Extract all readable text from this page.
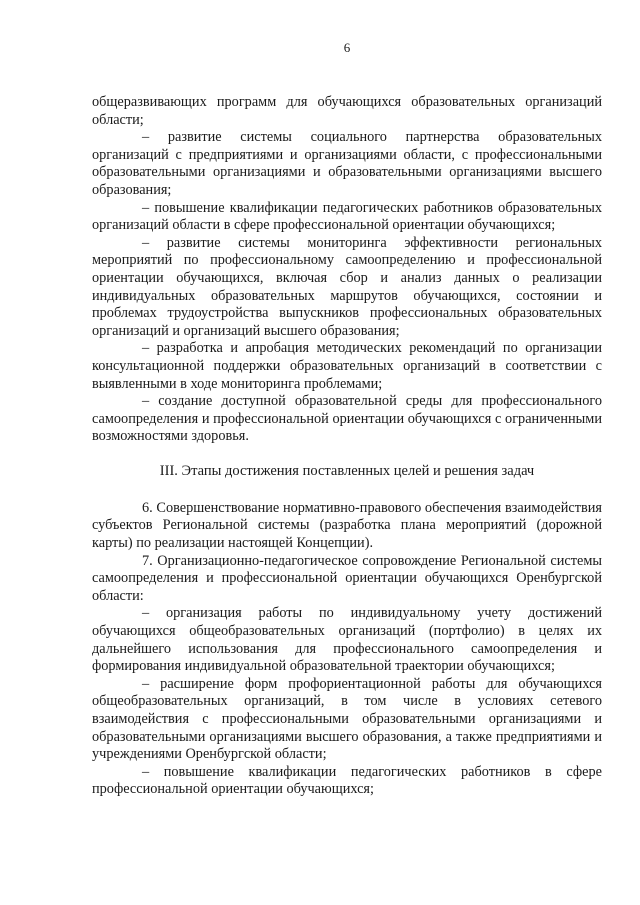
6

общеразвивающих программ для обучающихся образовательных организаций области;

– развитие системы социального партнерства образовательных организаций с предприятиями и организациями области, с профессиональными образовательными организациями и образовательными организациями высшего образования;

– повышение квалификации педагогических работников образовательных организаций области в сфере профессиональной ориентации обучающихся;

– развитие системы мониторинга эффективности региональных мероприятий по профессиональному самоопределению и профессиональной ориентации обучающихся, включая сбор и анализ данных о реализации индивидуальных образовательных маршрутов обучающихся, состоянии и проблемах трудоустройства выпускников профессиональных образовательных организаций и организаций высшего образования;

– разработка и апробация методических рекомендаций по организации консультационной поддержки образовательных организаций в соответствии с выявленными в ходе мониторинга проблемами;

– создание доступной образовательной среды для профессионального самоопределения и профессиональной ориентации обучающихся с ограниченными возможностями здоровья.

III. Этапы достижения поставленных целей и решения задач

6. Совершенствование нормативно-правового обеспечения взаимодействия субъектов Региональной системы (разработка плана мероприятий (дорожной карты) по реализации настоящей Концепции).

7. Организационно-педагогическое сопровождение Региональной системы самоопределения и профессиональной ориентации обучающихся Оренбургской области:

– организация работы по индивидуальному учету достижений обучающихся общеобразовательных организаций (портфолио) в целях их дальнейшего использования для профессионального самоопределения и формирования индивидуальной образовательной траектории обучающихся;

– расширение форм профориентационной работы для обучающихся общеобразовательных организаций, в том числе в условиях сетевого взаимодействия с профессиональными образовательными организациями и образовательными организациями высшего образования, а также предприятиями и учреждениями Оренбургской области;

– повышение квалификации педагогических работников в сфере профессиональной ориентации обучающихся;
